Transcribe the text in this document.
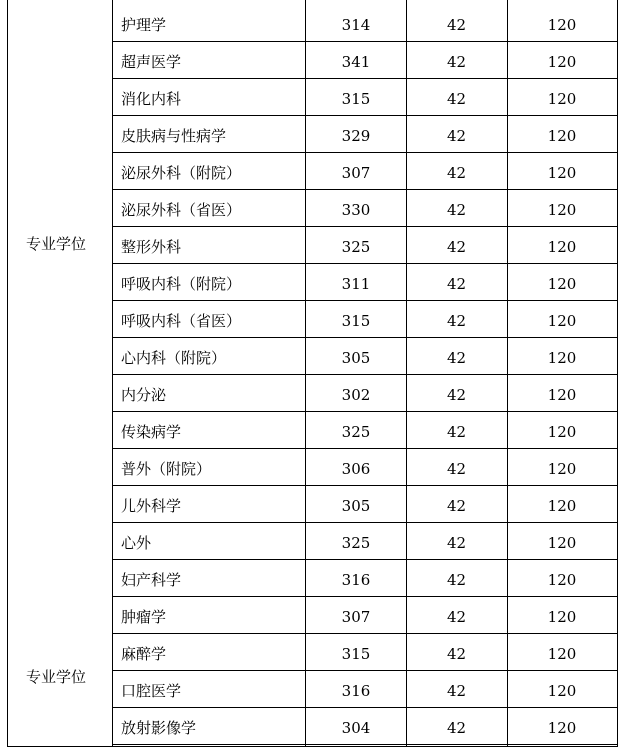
专业学位
专业学位
护理学	314	42	120
超声医学	341	42	120
消化内科	315	42	120
皮肤病与性病学	329	42	120
泌尿外科（附院）	307	42	120
泌尿外科（省医）	330	42	120
整形外科	325	42	120
呼吸内科（附院）	311	42	120
呼吸内科（省医）	315	42	120
心内科（附院）	305	42	120
内分泌	302	42	120
传染病学	325	42	120
普外（附院）	306	42	120
儿外科学	305	42	120
心外	325	42	120
妇产科学	316	42	120
肿瘤学	307	42	120
麻醉学	315	42	120
口腔医学	316	42	120
放射影像学	304	42	120
